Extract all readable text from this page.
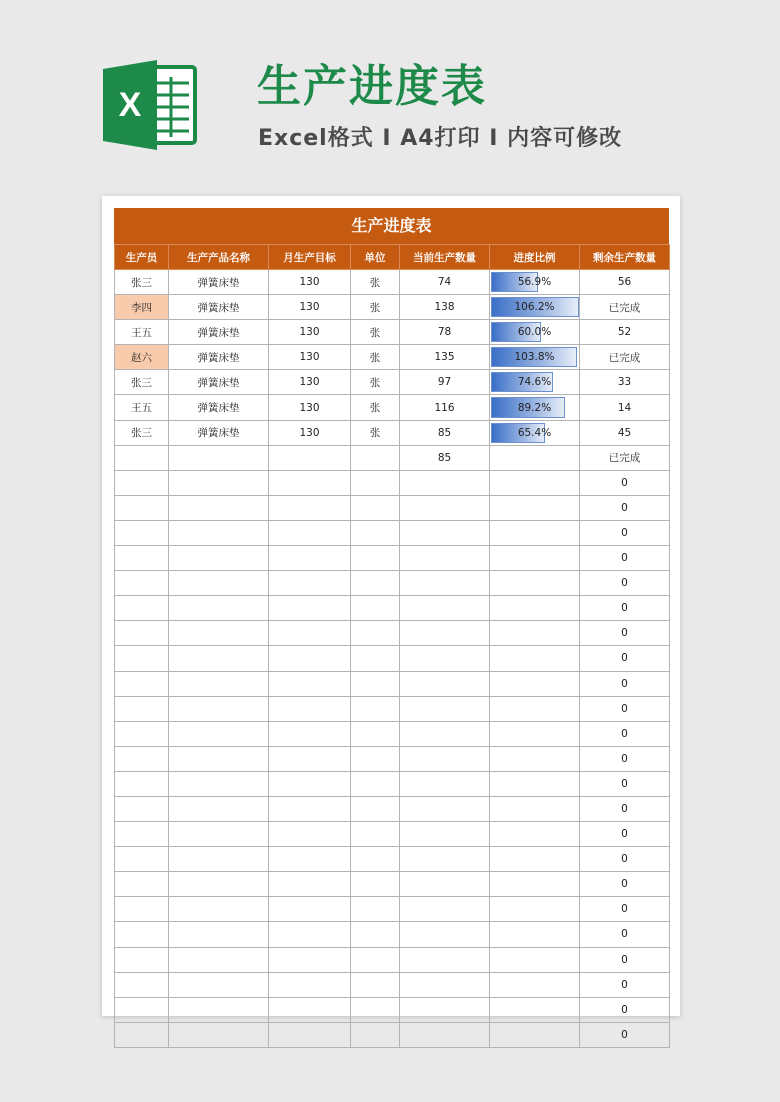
X	生产进度表
Excel格式 I A4打印 I 内容可修改
生产进度表
生产员	生产产品名称	月生产目标	单位	当前生产数量	进度比例	剩余生产数量
张三	弹簧床垫	130	张	74	56.9%	56
李四	弹簧床垫	130	张	138	106.2%	已完成
王五	弹簧床垫	130	张	78	60.0%	52
赵六	弹簧床垫	130	张	135	103.8%	已完成
张三	弹簧床垫	130	张	97	74.6%	33
王五	弹簧床垫	130	张	116	89.2%	14
张三	弹簧床垫	130	张	85	65.4%	45
				85		已完成
						0
						0
						0
						0
						0
						0
						0
						0
						0
						0
						0
						0
						0
						0
						0
						0
						0
						0
						0
						0
						0
						0
						0
